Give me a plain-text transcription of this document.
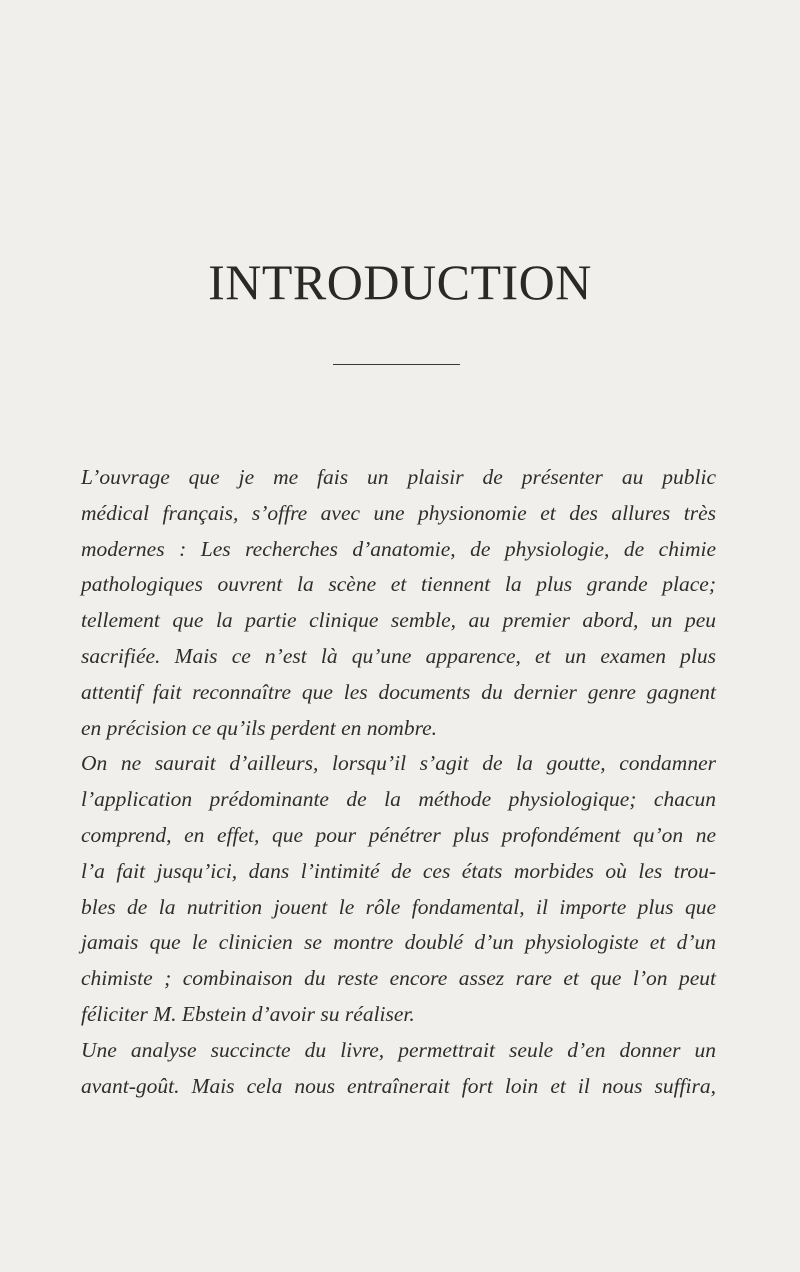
INTRODUCTION
L’ouvrage que je me fais un plaisir de présenter au public
médical français, s’offre avec une physionomie et des allures très
modernes : Les recherches d’anatomie, de physiologie, de chimie
pathologiques ouvrent la scène et tiennent la plus grande place;
tellement que la partie clinique semble, au premier abord, un peu
sacrifiée. Mais ce n’est là qu’une apparence, et un examen plus
attentif fait reconnaître que les documents du dernier genre gagnent
en précision ce qu’ils perdent en nombre.
On ne saurait d’ailleurs, lorsqu’il s’agit de la goutte, condamner
l’application prédominante de la méthode physiologique; chacun
comprend, en effet, que pour pénétrer plus profondément qu’on ne
l’a fait jusqu’ici, dans l’intimité de ces états morbides où les trou-
bles de la nutrition jouent le rôle fondamental, il importe plus que
jamais que le clinicien se montre doublé d’un physiologiste et d’un
chimiste ; combinaison du reste encore assez rare et que l’on peut
féliciter M. Ebstein d’avoir su réaliser.
Une analyse succincte du livre, permettrait seule d’en donner un
avant-goût. Mais cela nous entraînerait fort loin et il nous suffira,
